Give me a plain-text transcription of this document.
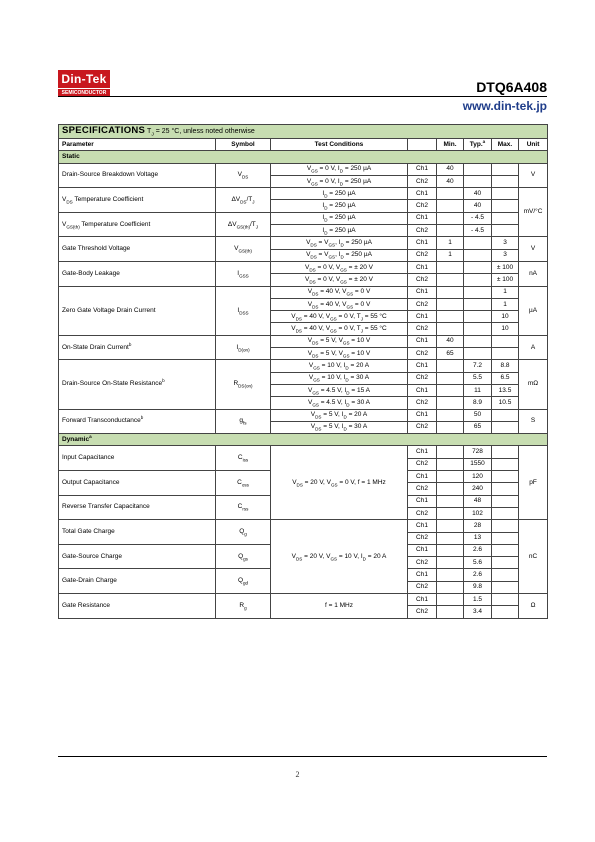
Din-Tek
SEMICONDUCTOR	DTQ6A408
www.din-tek.jp
SPECIFICATIONS $T_J = 25$ °C, unless noted otherwise							
Parameter	Symbol	Test Conditions		Min.	Typ.$^a$	Max.	Unit
Static							
Drain-Source Breakdown Voltage	$V_{DS}$	$V_{GS} = 0$ V, $I_D = 250$ µA	Ch1	40			V
		$V_{GS} = 0$ V, $I_D = 250$ µA	Ch2	40			
$V_{DS}$ Temperature Coefficient	$\Delta V_{DS}/T_J$	$I_D = 250$ µA	Ch1		40		mV/°C
		$I_D = 250$ µA	Ch2		40		
$V_{GS(th)}$ Temperature Coefficient	$\Delta V_{GS(th)}/T_J$	$I_D = 250$ µA	Ch1		- 4.5		
		$I_D = 250$ µA	Ch2		- 4.5		
Gate Threshold Voltage	$V_{GS(th)}$	$V_{DS} = V_{GS}$, $I_D = 250$ µA	Ch1	1		3	V
		$V_{DS} = V_{GS}$, $I_D = 250$ µA	Ch2	1		3	
Gate-Body Leakage	$I_{GSS}$	$V_{DS} = 0$ V, $V_{GS}$ = ± 20 V	Ch1			± 100	nA
		$V_{DS} = 0$ V, $V_{GS}$ = ± 20 V	Ch2			± 100	
Zero Gate Voltage Drain Current	$I_{DSS}$	$V_{DS} = 40$ V, $V_{GS} = 0$ V	Ch1			1	µA
		$V_{DS} = 40$ V, $V_{GS} = 0$ V	Ch2			1	
		$V_{DS} = 40$ V, $V_{GS} = 0$ V, $T_J = 55$ °C	Ch1			10	
		$V_{DS} = 40$ V, $V_{GS} = 0$ V, $T_J = 55$ °C	Ch2			10	
On-State Drain Current$^b$	$I_{D(on)}$	$V_{DS} = 5$ V, $V_{GS} = 10$ V	Ch1	40			A
		$V_{DS} = 5$ V, $V_{GS} = 10$ V	Ch2	65			
Drain-Source On-State Resistance$^b$	$R_{DS(on)}$	$V_{GS} = 10$ V, $I_D = 20$ A	Ch1		7.2	8.8	mΩ
		$V_{GS} = 10$ V, $I_D = 30$ A	Ch2		5.5	6.5	
		$V_{GS} = 4.5$ V, $I_D = 15$ A	Ch1		11	13.5	
		$V_{GS} = 4.5$ V, $I_D = 30$ A	Ch2		8.9	10.5	
Forward Transconductance$^b$	$g_{fs}$	$V_{DS} = 5$ V, $I_D = 20$ A	Ch1		50		S
		$V_{DS} = 5$ V, $I_D = 30$ A	Ch2		65		
Dynamic$^a$
Input Capacitance	$C_{iss}$	$V_{DS} = 20$ V, $V_{GS} = 0$ V, f = 1 MHz	Ch1		728		pF
			Ch2		1550		
Output Capacitance	$C_{oss}$		Ch1		120		
			Ch2		240		
Reverse Transfer Capacitance	$C_{rss}$		Ch1		48		
			Ch2		102		
Total Gate Charge	$Q_g$	$V_{DS} = 20$ V, $V_{GS} = 10$ V, $I_D = 20$ A	Ch1		28		nC
			Ch2		13		
Gate-Source Charge	$Q_{gs}$		Ch1		2.6		
			Ch2		5.6		
Gate-Drain Charge	$Q_{gd}$		Ch1		2.6		
			Ch2		9.8		
Gate Resistance	$R_g$	f = 1 MHz	Ch1		1.5		Ω
			Ch2		3.4		
2
